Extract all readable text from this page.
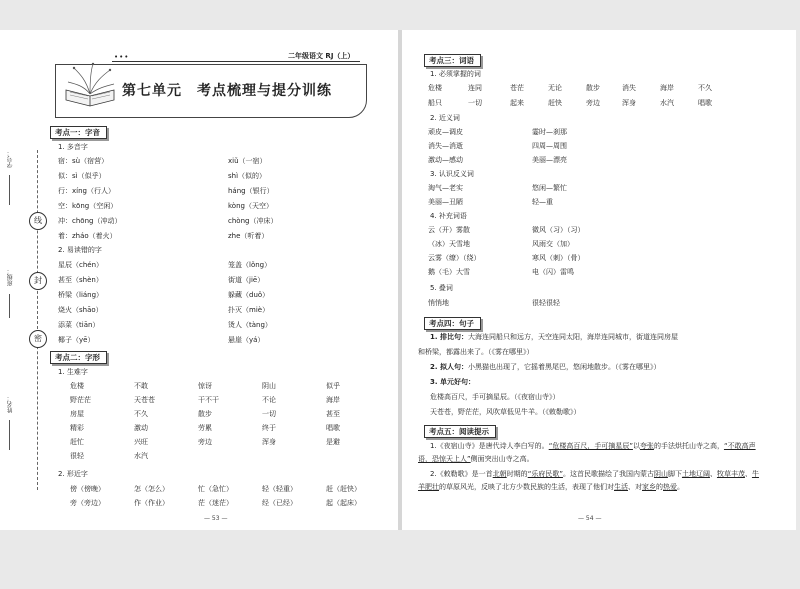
线
封
密
学号：
班级：
姓名：
•••	二年级语文 RJ（上）
第七单元　考点梳理与提分训练
考点一：字音
1. 多音字
宿：sù（宿营）	xiǔ（一宿）
似：sì（似乎）	shì（似的）
行：xíng（行人）	háng（银行）
空：kōng（空闲）	kòng（天空）
冲：chōng（冲动）	chòng（冲床）
着：zháo（着火）	zhe（听着）
2. 易读错的字
星辰（chén）	笼盖（lǒng）
甚至（shèn）	街道（jiē）
桥梁（liáng）	躲藏（duǒ）
烧火（shāo）	扑灭（miè）
添菜（tiān）	烫人（tàng）
椰子（yē）	悬崖（yá）
考点二：字形
1. 生难字
危楼	不敢	惊讶	阴山	似乎
野茫茫	天苍苍	干不干	不论	海岸
房屋	不久	散步	一切	甚至
精彩	激动	劳累	终于	唱歌
赶忙	兴旺	旁边	浑身	是避
很轻	水汽
2. 形近字
傍（傍晚）	怎（怎么）	忙（急忙）	轻（轻重）	赶（赶快）
旁（旁边）	作（作业）	茫（迷茫）	经（已经）	起（起床）
— 53 —
考点三：词语
1. 必须掌握的词
危楼	连同	苍茫	无论	散步	消失	海岸	不久
船只	一切	起来	赶快	旁边	浑身	水汽	唱歌
2. 近义词
顽皮—调皮	霎时—刹那
消失—消逝	四周—周围
激动—感动	美丽—漂亮
3. 认识反义词
淘气—老实	悠闲—繁忙
美丽—丑陋	轻—重
4. 补充词语
云（开）雾散	微风（习）（习）
（冰）天雪地	风雨交（加）
云雾（缭）（绕）	寒风（刺）（骨）
鹅（毛）大雪	电（闪）雷鸣
5. 叠词
悄悄地	很轻很轻
考点四：句子
1. 排比句：大海连同船只和远方，天空连同太阳，海岸连同城市，街道连同房屋
和桥梁，都露出来了。（《雾在哪里》）
2. 拟人句：小黑猫也出现了，它摇着黑尾巴，悠闲地散步。（《雾在哪里》）
3. 单元好句：
危楼高百尺，手可摘星辰。（《夜宿山寺》）
天苍苍，野茫茫，风吹草低见牛羊。（《敕勒歌》）
考点五：阅读提示
1.《夜宿山寺》是唐代诗人李白写的。“危楼高百尺，手可摘星辰”以夸张的手法烘托山寺之高，“不敢高声语，恐惊天上人”侧面突出山寺之高。
2.《敕勒歌》是一首北朝时期的“乐府民歌”。这首民歌描绘了我国内蒙古阴山脚下土地辽阔、牧草丰茂、牛羊肥壮的草原风光，反映了北方少数民族的生活，表现了他们对生活、对家乡的热爱。
— 54 —
